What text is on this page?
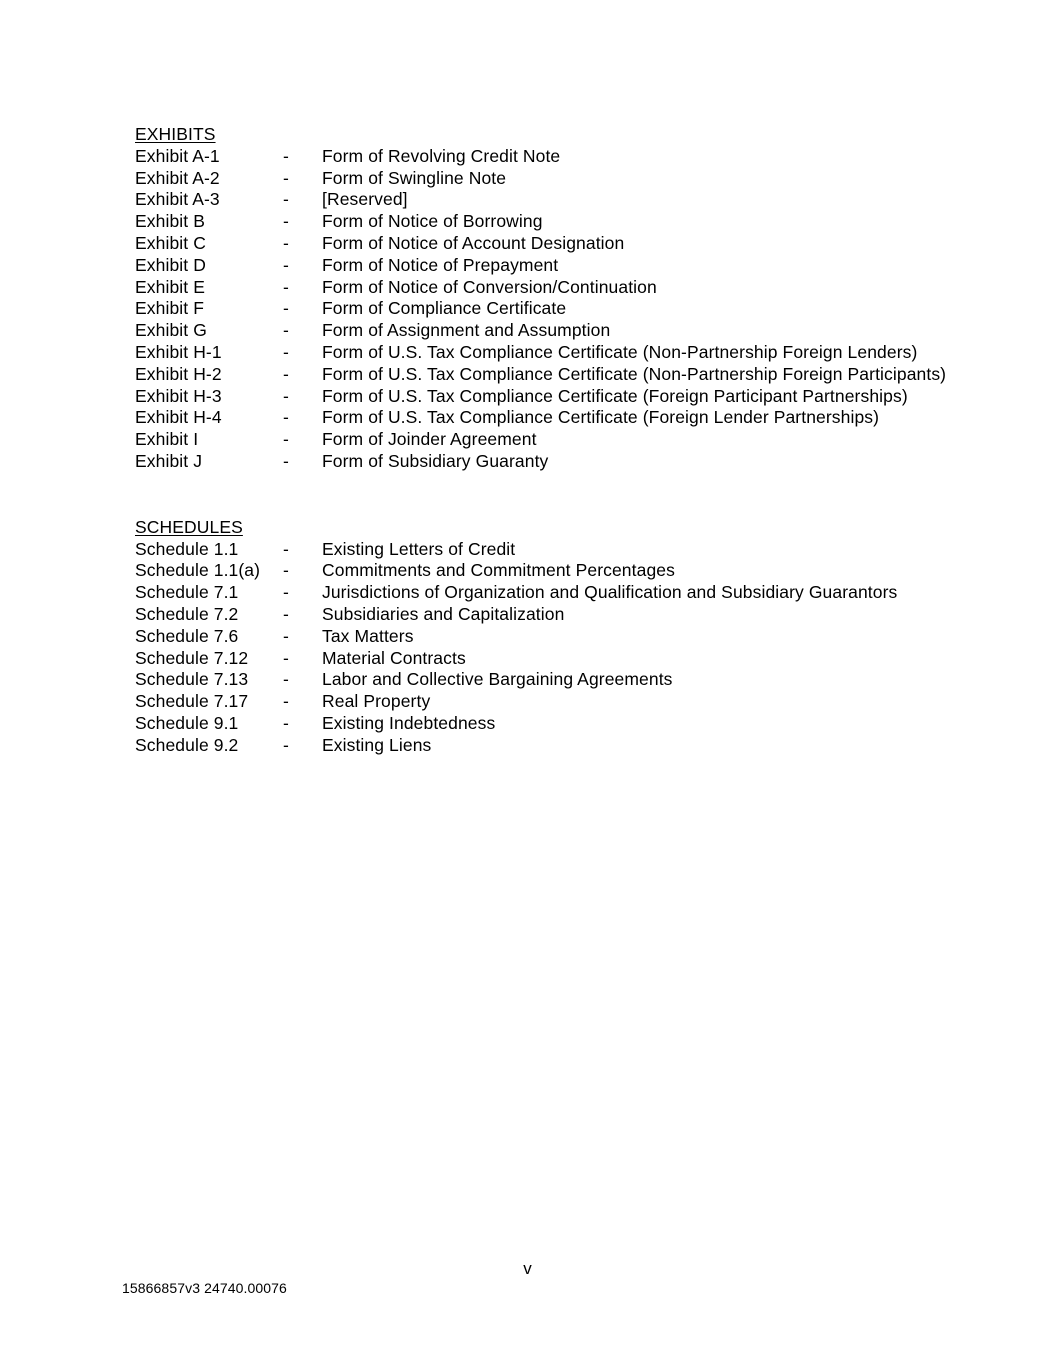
EXHIBITS
Exhibit A-1	-	Form of Revolving Credit Note
Exhibit A-2	-	Form of Swingline Note
Exhibit A-3	-	[Reserved]
Exhibit B	-	Form of Notice of Borrowing
Exhibit C	-	Form of Notice of Account Designation
Exhibit D	-	Form of Notice of Prepayment
Exhibit E	-	Form of Notice of Conversion/Continuation
Exhibit F	-	Form of Compliance Certificate
Exhibit G	-	Form of Assignment and Assumption
Exhibit H-1	-	Form of U.S. Tax Compliance Certificate (Non-Partnership Foreign Lenders)
Exhibit H-2	-	Form of U.S. Tax Compliance Certificate (Non-Partnership Foreign Participants)
Exhibit H-3	-	Form of U.S. Tax Compliance Certificate (Foreign Participant Partnerships)
Exhibit H-4	-	Form of U.S. Tax Compliance Certificate (Foreign Lender Partnerships)
Exhibit I	-	Form of Joinder Agreement
Exhibit J	-	Form of Subsidiary Guaranty
SCHEDULES
Schedule 1.1	-	Existing Letters of Credit
Schedule 1.1(a)	-	Commitments and Commitment Percentages
Schedule 7.1	-	Jurisdictions of Organization and Qualification and Subsidiary Guarantors
Schedule 7.2	-	Subsidiaries and Capitalization
Schedule 7.6	-	Tax Matters
Schedule 7.12	-	Material Contracts
Schedule 7.13	-	Labor and Collective Bargaining Agreements
Schedule 7.17	-	Real Property
Schedule 9.1	-	Existing Indebtedness
Schedule 9.2	-	Existing Liens
v
15866857v3 24740.00076
